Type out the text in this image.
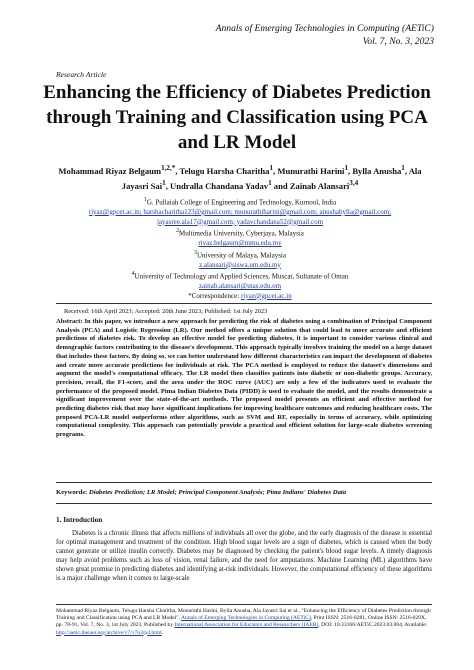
Annals of Emerging Technologies in Computing (AETiC)
Vol. 7, No. 3, 2023
Research Article
Enhancing the Efficiency of Diabetes Prediction through Training and Classification using PCA and LR Model
Mohammad Riyaz Belgaum$^{1,2,*}$, Telugu Harsha Charitha$^1$, Munurathi Harini$^1$, Bylla Anusha$^1$, Ala Jayasri Sai$^1$, Undralla Chandana Yadav$^1$ and Zainab Alansari$^{3,4}$
$^1$G. Pullaiah College of Engineering and Technology, Kurnool, India
riyaz@gpcet.ac.in; harshacharitha123@gmail.com; munurathiharini@gmail.com; anushabylla@gmail.com;
jayasree.ala17@gmail.com; yadavchandana52@gmail.com
$^2$Multimedia University, Cyberjaya, Malaysia
riyaz.belgaum@mmu.edu.my
$^3$University of Malaya, Malaysia
z.alansari@siswa.um.edu.my
$^4$University of Technology and Applied Sciences, Muscat, Sultanate of Oman
zainab.alansari@utas.edu.om
*Correspondence: riyaz@gpcet.ac.in
Received: 16th April 2023; Accepted: 20th June 2023; Published: 1st July 2023
Abstract: In this paper, we introduce a new approach for predicting the risk of diabetes using a combination of Principal Component Analysis (PCA) and Logistic Regression (LR). Our method offers a unique solution that could lead to more accurate and efficient predictions of diabetes risk. To develop an effective model for predicting diabetes, it is important to consider various clinical and demographic factors contributing to the disease's development. This approach typically involves training the model on a large dataset that includes these factors. By doing so, we can better understand how different characteristics can impact the development of diabetes and create more accurate predictions for individuals at risk. The PCA method is employed to reduce the dataset's dimensions and augment the model's computational efficacy. The LR model then classifies patients into diabetic or non-diabetic groups. Accuracy, precision, recall, the F1-score, and the area under the ROC curve (AUC) are only a few of the indicators used to evaluate the performance of the proposed model. Pima Indian Diabetes Data (PIDD) is used to evaluate the model, and the results demonstrate a significant improvement over the state-of-the-art methods. The proposed model presents an efficient and effective method for predicting diabetes risk that may have significant implications for improving healthcare outcomes and reducing healthcare costs. The proposed PCA-LR model outperforms other algorithms, such as SVM and RF, especially in terms of accuracy, while optimizing computational complexity. This approach can potentially provide a practical and efficient solution for large-scale diabetes screening programs.
Keywords: Diabetes Prediction; LR Model; Principal Component Analysis; Pima Indians' Diabetes Data
1. Introduction
Diabetes is a chronic illness that affects millions of individuals all over the globe, and the early diagnosis of the disease is essential for optimal management and treatment of the condition. High blood sugar levels are a sign of diabetes, which is caused when the body cannot generate or utilize insulin correctly. Diabetes may be diagnosed by checking the patient's blood sugar levels. A timely diagnosis may help avoid problems such as loss of vision, renal failure, and the need for amputations. Machine Learning (ML) algorithms have shown great promise in predicting diabetes and identifying at-risk individuals. However, the computational efficiency of these algorithms is a major challenge when it comes to large-scale
Mohammad Riyaz Belgaum, Telugu Harsha Charitha, Munurathi Harini, Bylla Anusha, Ala Jayasri Sai et al., "Enhancing the Efficiency of Diabetes Prediction through Training and Classification using PCA and LR Model", Annals of Emerging Technologies in Computing (AETiC), Print ISSN: 2516-0281, Online ISSN: 2516-029X, pp. 78-91, Vol. 7, No. 3, 1st July 2023, Published by International Association for Educators and Researchers (IAER), DOI: 10.33166/AETiC.2023.03.004, Available: http://aetic.theiaer.org/archive/v7/v7n3/p4.html.
